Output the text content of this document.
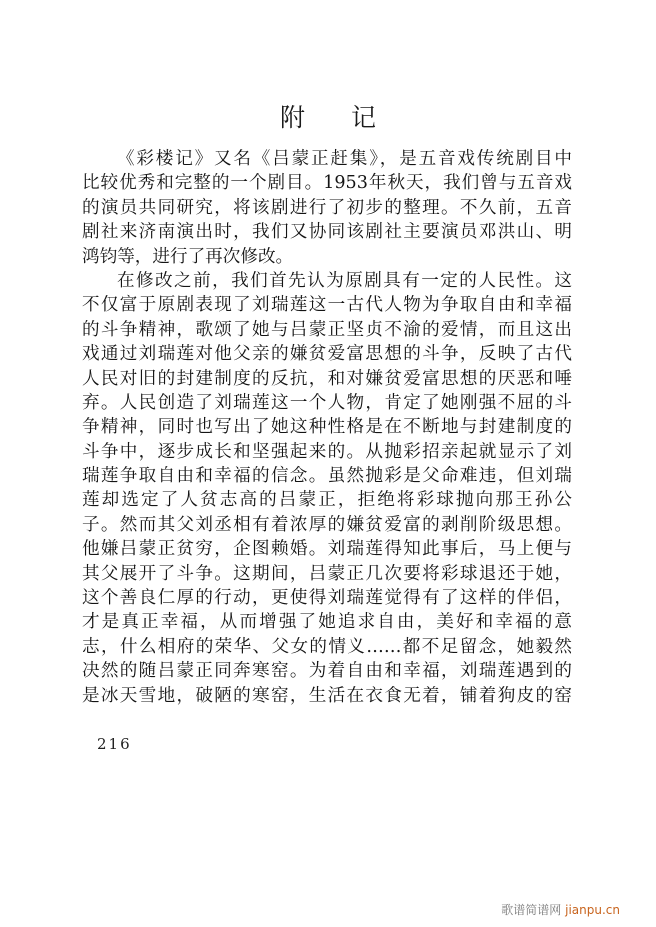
附记
《彩楼记》又名《吕蒙正赶集》，是五音戏传统剧目中
比较优秀和完整的一个剧目。1953年秋天，我们曾与五音戏
的演员共同研究，将该剧进行了初步的整理。不久前，五音
剧社来济南演出时，我们又协同该剧社主要演员邓洪山、明
鸿钧等，进行了再次修改。
在修改之前，我们首先认为原剧具有一定的人民性。这
不仅富于原剧表现了刘瑞莲这一古代人物为争取自由和幸福
的斗争精神，歌颂了她与吕蒙正坚贞不渝的爱情，而且这出
戏通过刘瑞莲对他父亲的嫌贫爱富思想的斗争，反映了古代
人民对旧的封建制度的反抗，和对嫌贫爱富思想的厌恶和唾
弃。人民创造了刘瑞莲这一个人物，肯定了她刚强不屈的斗
争精神，同时也写出了她这种性格是在不断地与封建制度的
斗争中，逐步成长和坚强起来的。从抛彩招亲起就显示了刘
瑞莲争取自由和幸福的信念。虽然抛彩是父命难违，但刘瑞
莲却选定了人贫志高的吕蒙正，拒绝将彩球抛向那王孙公
子。然而其父刘丞相有着浓厚的嫌贫爱富的剥削阶级思想。
他嫌吕蒙正贫穷，企图赖婚。刘瑞莲得知此事后，马上便与
其父展开了斗争。这期间，吕蒙正几次要将彩球退还于她，
这个善良仁厚的行动，更使得刘瑞莲觉得有了这样的伴侣，
才是真正幸福，从而增强了她追求自由，美好和幸福的意
志，什么相府的荣华、父女的情义……都不足留念，她毅然
决然的随吕蒙正同奔寒窑。为着自由和幸福，刘瑞莲遇到的
是冰天雪地，破陋的寒窑，生活在衣食无着，铺着狗皮的窑
216
歌谱简谱网 jianpu.cn
